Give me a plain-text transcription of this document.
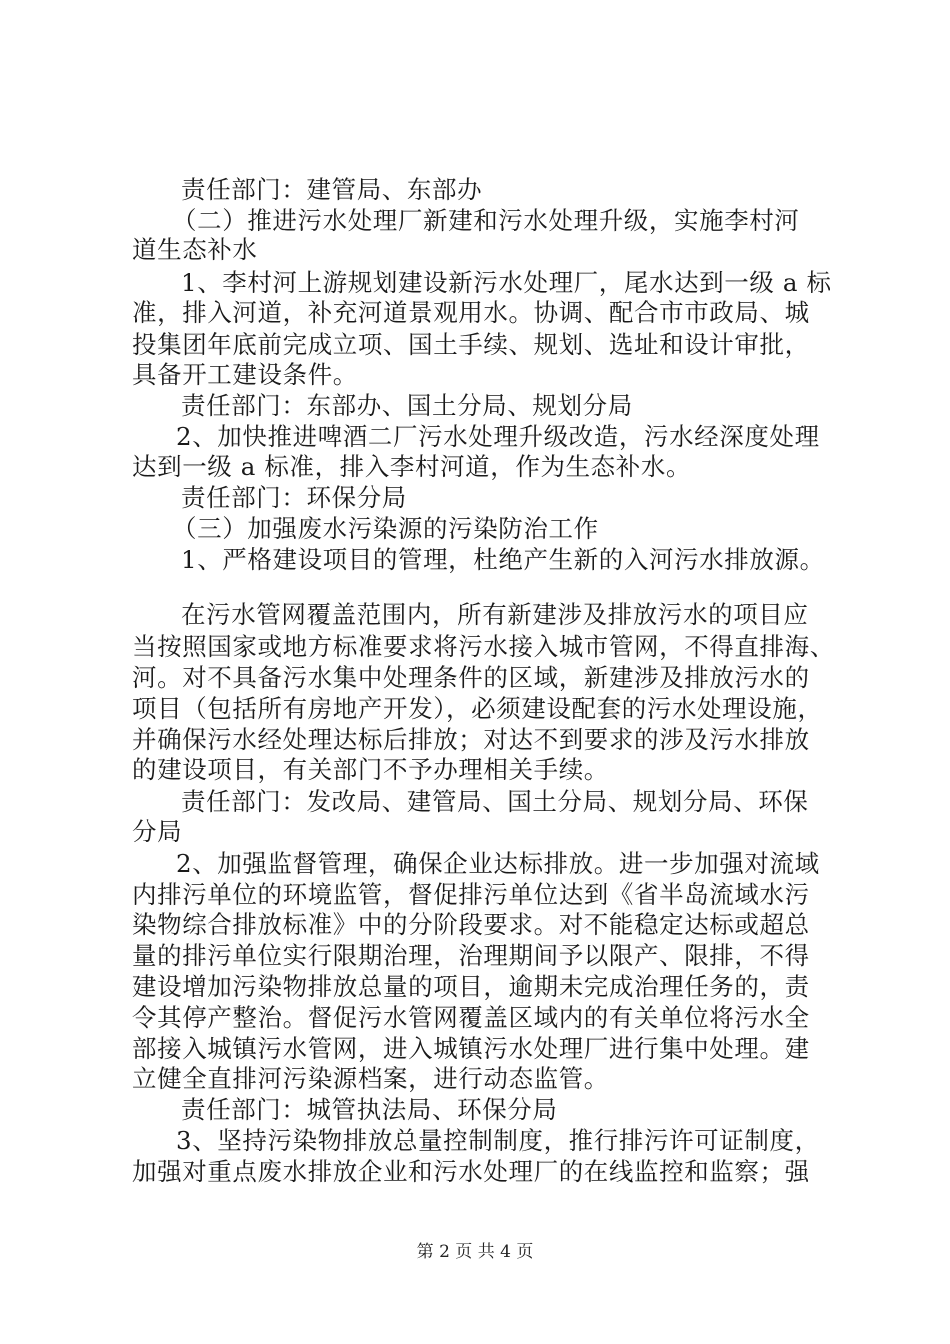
责任部门：建管局、东部办
（二）推进污水处理厂新建和污水处理升级，实施李村河
道生态补水
1、李村河上游规划建设新污水处理厂，尾水达到一级 a 标
准，排入河道，补充河道景观用水。协调、配合市市政局、城
投集团年底前完成立项、国土手续、规划、选址和设计审批，
具备开工建设条件。
责任部门：东部办、国土分局、规划分局
2、加快推进啤酒二厂污水处理升级改造，污水经深度处理
达到一级 a 标准，排入李村河道，作为生态补水。
责任部门：环保分局
（三）加强废水污染源的污染防治工作
1、严格建设项目的管理，杜绝产生新的入河污水排放源。
在污水管网覆盖范围内，所有新建涉及排放污水的项目应
当按照国家或地方标准要求将污水接入城市管网，不得直排海、
河。对不具备污水集中处理条件的区域，新建涉及排放污水的
项目（包括所有房地产开发），必须建设配套的污水处理设施，
并确保污水经处理达标后排放；对达不到要求的涉及污水排放
的建设项目，有关部门不予办理相关手续。
责任部门：发改局、建管局、国土分局、规划分局、环保
分局
2、加强监督管理，确保企业达标排放。进一步加强对流域
内排污单位的环境监管，督促排污单位达到《省半岛流域水污
染物综合排放标准》中的分阶段要求。对不能稳定达标或超总
量的排污单位实行限期治理，治理期间予以限产、限排，不得
建设增加污染物排放总量的项目，逾期未完成治理任务的，责
令其停产整治。督促污水管网覆盖区域内的有关单位将污水全
部接入城镇污水管网，进入城镇污水处理厂进行集中处理。建
立健全直排河污染源档案，进行动态监管。
责任部门：城管执法局、环保分局
3、坚持污染物排放总量控制制度，推行排污许可证制度，
加强对重点废水排放企业和污水处理厂的在线监控和监察；强
第 2 页 共 4 页
